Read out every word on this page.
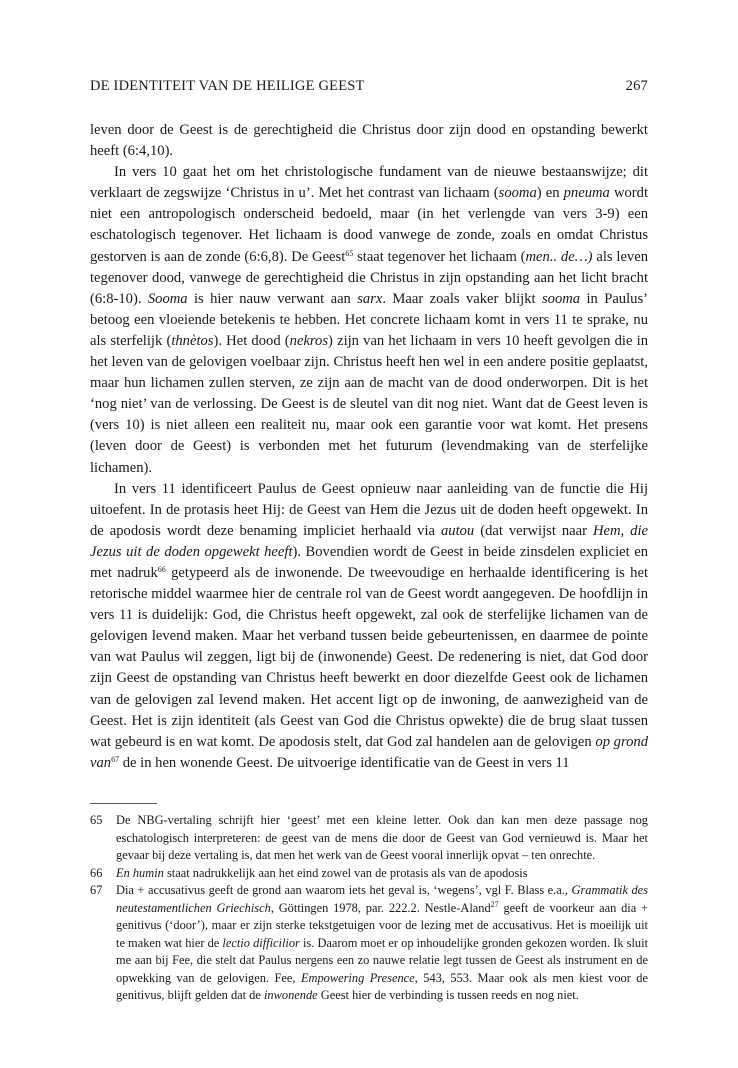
DE IDENTITEIT VAN DE HEILIGE GEEST	267

leven door de Geest is de gerechtigheid die Christus door zijn dood en opstanding bewerkt heeft (6:4,10).

In vers 10 gaat het om het christologische fundament van de nieuwe bestaanswijze; dit verklaart de zegswijze ‘Christus in u’. Met het contrast van lichaam (sooma) en pneuma wordt niet een antropologisch onderscheid bedoeld, maar (in het verlengde van vers 3-9) een eschatologisch tegenover. Het lichaam is dood vanwege de zonde, zoals en omdat Christus gestorven is aan de zonde (6:6,8). De Geest$^{65}$ staat tegenover het lichaam (men.. de…) als leven tegenover dood, vanwege de gerechtigheid die Christus in zijn opstanding aan het licht bracht (6:8-10). Sooma is hier nauw verwant aan sarx. Maar zoals vaker blijkt sooma in Paulus’ betoog een vloeiende betekenis te hebben. Het concrete lichaam komt in vers 11 te sprake, nu als sterfelijk (thnètos). Het dood (nekros) zijn van het lichaam in vers 10 heeft gevolgen die in het leven van de gelovigen voelbaar zijn. Christus heeft hen wel in een andere positie geplaatst, maar hun lichamen zullen sterven, ze zijn aan de macht van de dood onderworpen. Dit is het ‘nog niet’ van de verlossing. De Geest is de sleutel van dit nog niet. Want dat de Geest leven is (vers 10) is niet alleen een realiteit nu, maar ook een garantie voor wat komt. Het presens (leven door de Geest) is verbonden met het futurum (levendmaking van de sterfelijke lichamen).

In vers 11 identificeert Paulus de Geest opnieuw naar aanleiding van de functie die Hij uitoefent. In de protasis heet Hij: de Geest van Hem die Jezus uit de doden heeft opgewekt. In de apodosis wordt deze benaming impliciet herhaald via autou (dat verwijst naar Hem, die Jezus uit de doden opgewekt heeft). Bovendien wordt de Geest in beide zinsdelen expliciet en met nadruk$^{66}$ getypeerd als de inwonende. De tweevoudige en herhaalde identificering is het retorische middel waarmee hier de centrale rol van de Geest wordt aangegeven. De hoofdlijn in vers 11 is duidelijk: God, die Christus heeft opgewekt, zal ook de sterfelijke lichamen van de gelovigen levend maken. Maar het verband tussen beide gebeurtenissen, en daarmee de pointe van wat Paulus wil zeggen, ligt bij de (inwonende) Geest. De redenering is niet, dat God door zijn Geest de opstanding van Christus heeft bewerkt en door diezelfde Geest ook de lichamen van de gelovigen zal levend maken. Het accent ligt op de inwoning, de aanwezigheid van de Geest. Het is zijn identiteit (als Geest van God die Christus opwekte) die de brug slaat tussen wat gebeurd is en wat komt. De apodosis stelt, dat God zal handelen aan de gelovigen op grond van$^{67}$ de in hen wonende Geest. De uitvoerige identificatie van de Geest in vers 11

65	De NBG-vertaling schrijft hier ‘geest’ met een kleine letter. Ook dan kan men deze passage nog eschatologisch interpreteren: de geest van de mens die door de Geest van God vernieuwd is. Maar het gevaar bij deze vertaling is, dat men het werk van de Geest vooral innerlijk opvat – ten onrechte.
66	En humin staat nadrukkelijk aan het eind zowel van de protasis als van de apodosis
67	Dia + accusativus geeft de grond aan waarom iets het geval is, ‘wegens’, vgl F. Blass e.a., Grammatik des neutestamentlichen Griechisch, Göttingen 1978, par. 222.2. Nestle-Aland$^{27}$ geeft de voorkeur aan dia + genitivus (‘door’), maar er zijn sterke tekstgetuigen voor de lezing met de accusativus. Het is moeilijk uit te maken wat hier de lectio difficilior is. Daarom moet er op inhoudelijke gronden gekozen worden. Ik sluit me aan bij Fee, die stelt dat Paulus nergens een zo nauwe relatie legt tussen de Geest als instrument en de opwekking van de gelovigen. Fee, Empowering Presence, 543, 553. Maar ook als men kiest voor de genitivus, blijft gelden dat de inwonende Geest hier de verbinding is tussen reeds en nog niet.
